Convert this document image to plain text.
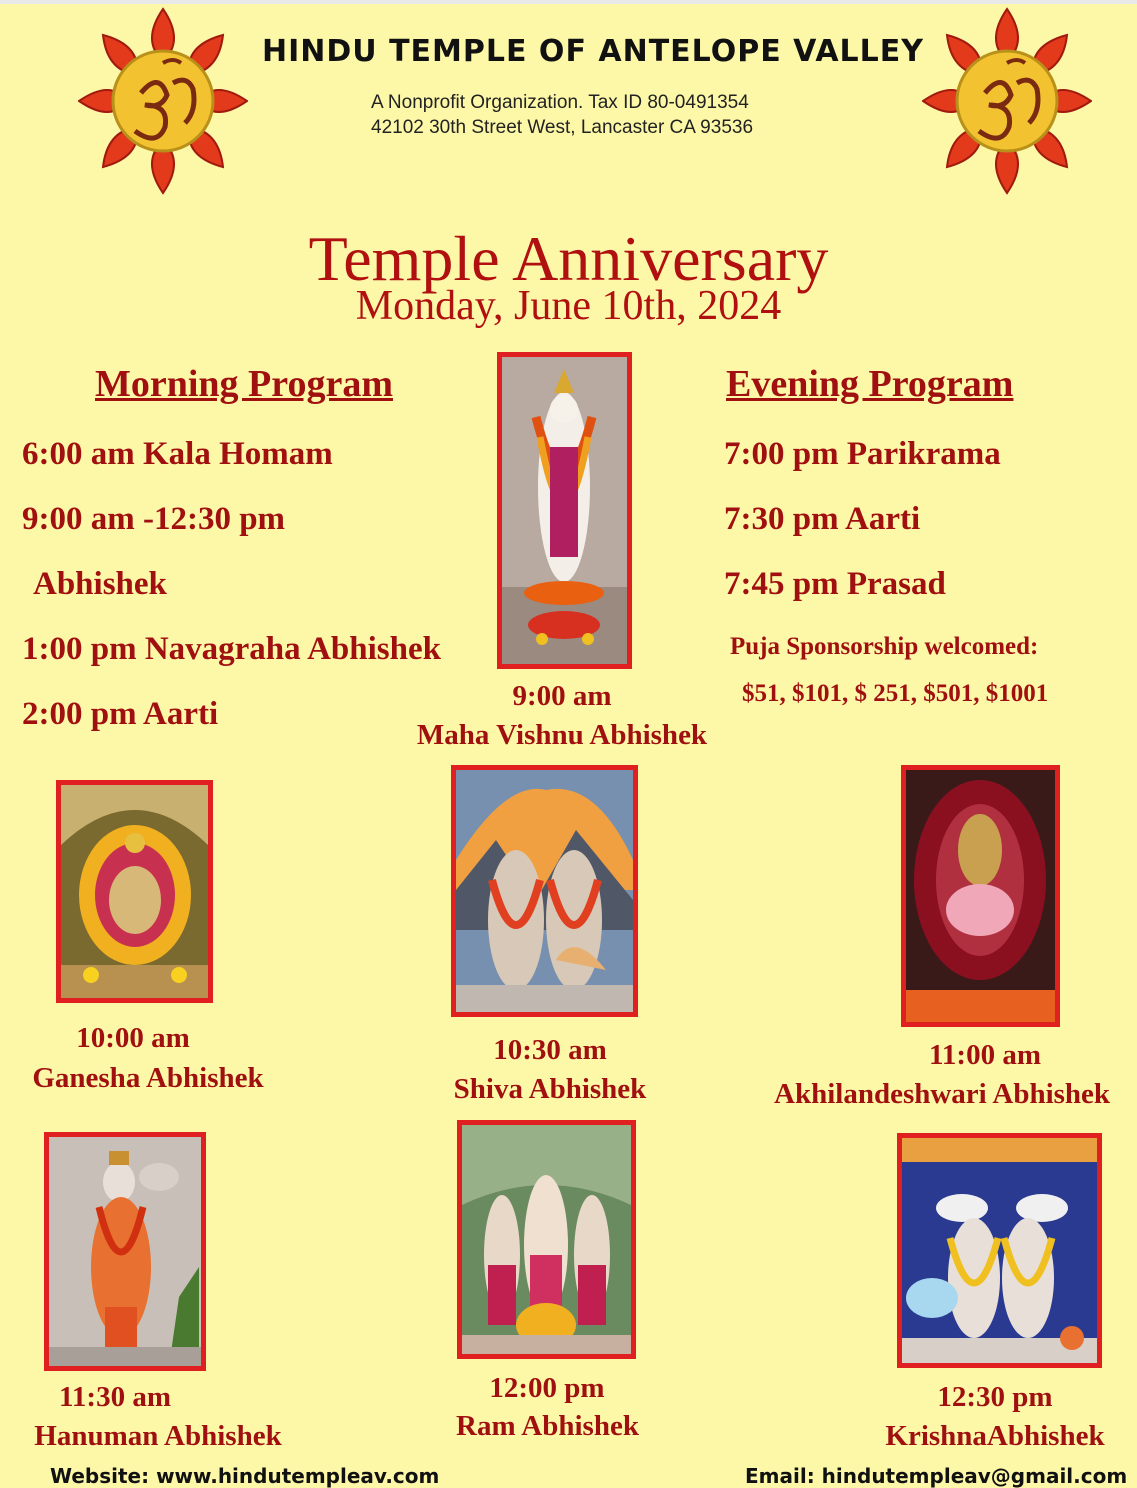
HINDU TEMPLE OF ANTELOPE VALLEY
A Nonprofit Organization. Tax ID 80-0491354
42102 30th Street West, Lancaster CA 93536
Temple Anniversary
Monday, June 10th, 2024
Morning Program
6:00 am Kala Homam
9:00 am -12:30 pm
Abhishek
1:00 pm Navagraha Abhishek
2:00 pm Aarti
Evening Program
7:00 pm Parikrama
7:30 pm Aarti
7:45 pm Prasad
Puja Sponsorship welcomed:
$51, $101, $ 251, $501, $1001
9:00 am
Maha Vishnu Abhishek
10:00 am
Ganesha Abhishek
10:30 am
Shiva Abhishek
11:00 am
Akhilandeshwari Abhishek
11:30 am
Hanuman Abhishek
12:00 pm
Ram Abhishek
12:30 pm
KrishnaAbhishek
Website: www.hindutempleav.com	Email: hindutempleav@gmail.com
